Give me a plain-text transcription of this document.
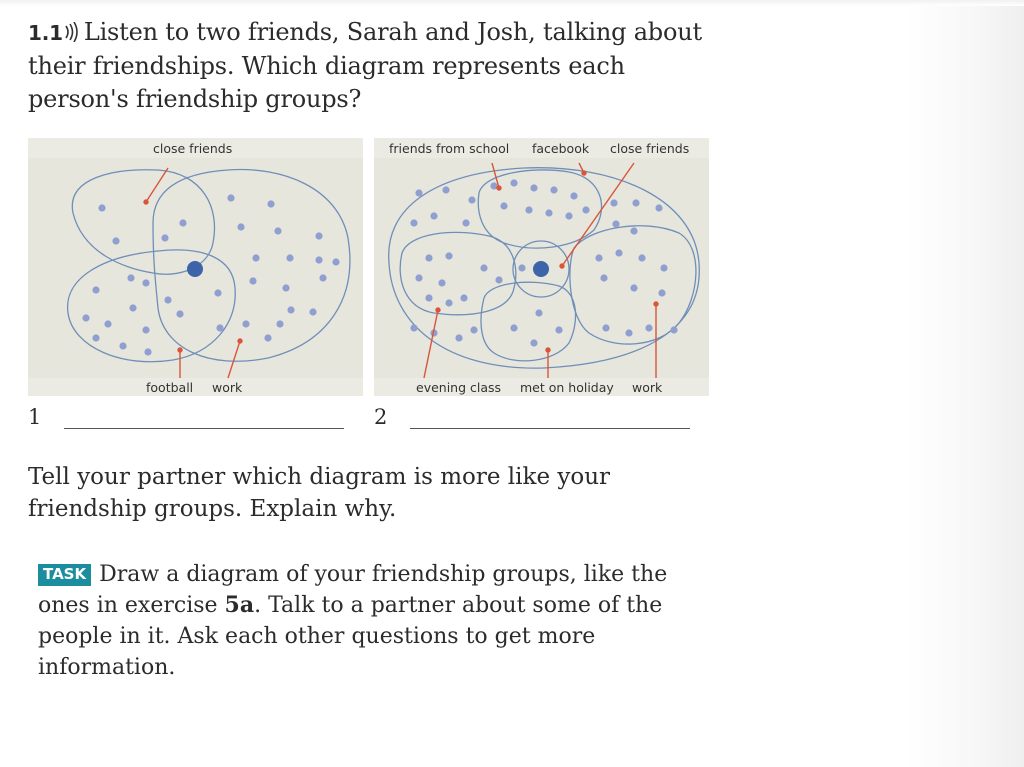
1.1 Listen to two friends, Sarah and Josh, talking about their friendships. Which diagram represents each person's friendship groups?
close friends
football work
friends from school facebook close friends
evening class met on holiday work
1	2
Tell your partner which diagram is more like your friendship groups. Explain why.
TASK Draw a diagram of your friendship groups, like the ones in exercise 5a. Talk to a partner about some of the people in it. Ask each other questions to get more information.
